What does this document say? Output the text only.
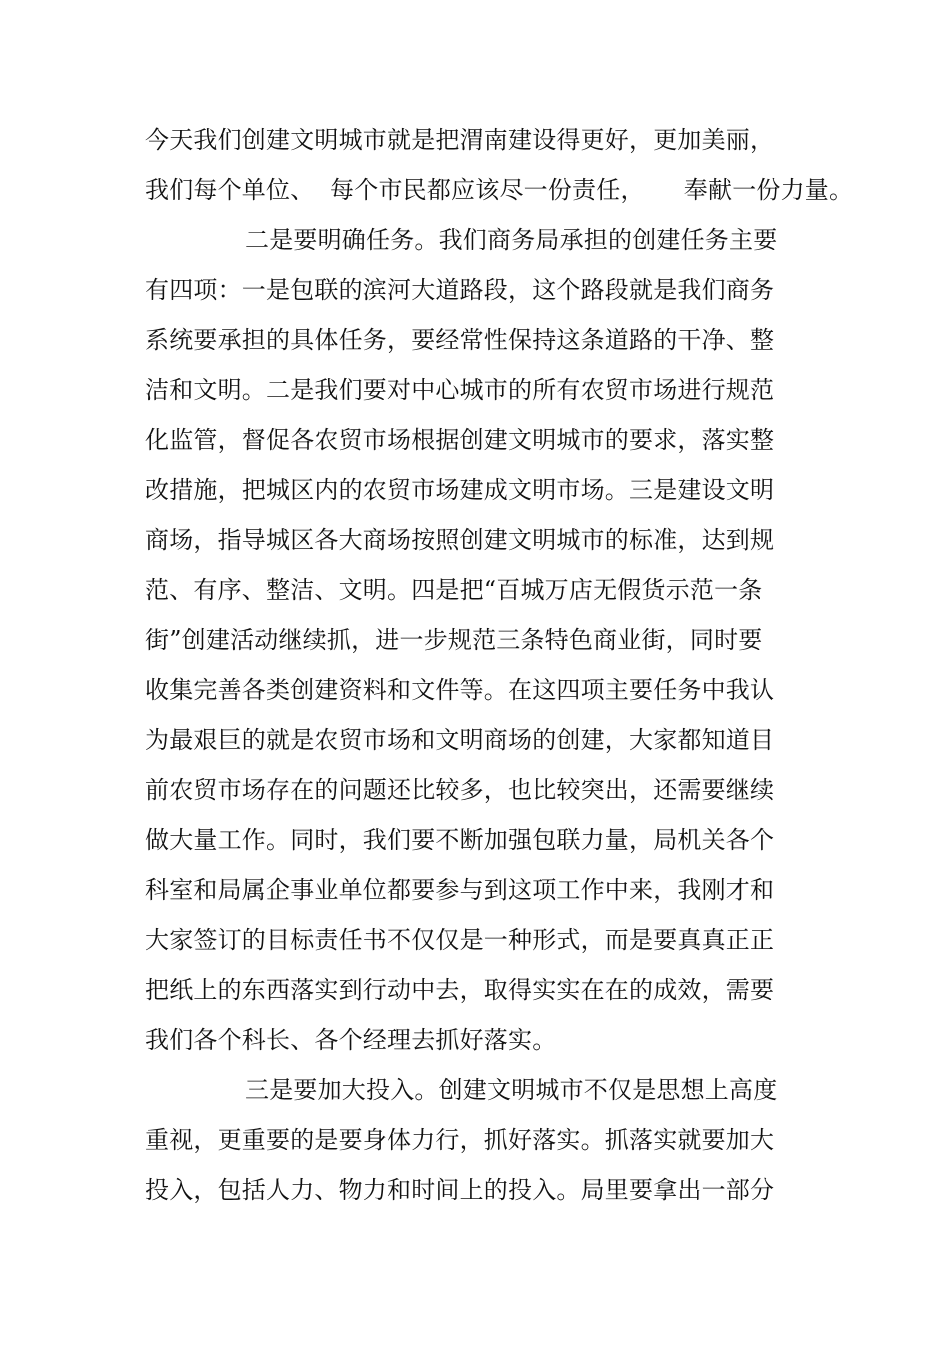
今天我们创建文明城市就是把渭南建设得更好，更加美丽，
我们每个单位、  每个市民都应该尽一份责任，     奉献一份力量。
二是要明确任务。我们商务局承担的创建任务主要
有四项：一是包联的滨河大道路段，这个路段就是我们商务
系统要承担的具体任务，要经常性保持这条道路的干净、整
洁和文明。二是我们要对中心城市的所有农贸市场进行规范
化监管，督促各农贸市场根据创建文明城市的要求，落实整
改措施，把城区内的农贸市场建成文明市场。三是建设文明
商场，指导城区各大商场按照创建文明城市的标准，达到规
范、有序、整洁、文明。四是把“百城万店无假货示范一条
街”创建活动继续抓，进一步规范三条特色商业街，同时要
收集完善各类创建资料和文件等。在这四项主要任务中我认
为最艰巨的就是农贸市场和文明商场的创建，大家都知道目
前农贸市场存在的问题还比较多，也比较突出，还需要继续
做大量工作。同时，我们要不断加强包联力量，局机关各个
科室和局属企事业单位都要参与到这项工作中来，我刚才和
大家签订的目标责任书不仅仅是一种形式，而是要真真正正
把纸上的东西落实到行动中去，取得实实在在的成效，需要
我们各个科长、各个经理去抓好落实。
三是要加大投入。创建文明城市不仅是思想上高度
重视，更重要的是要身体力行，抓好落实。抓落实就要加大
投入，包括人力、物力和时间上的投入。局里要拿出一部分
